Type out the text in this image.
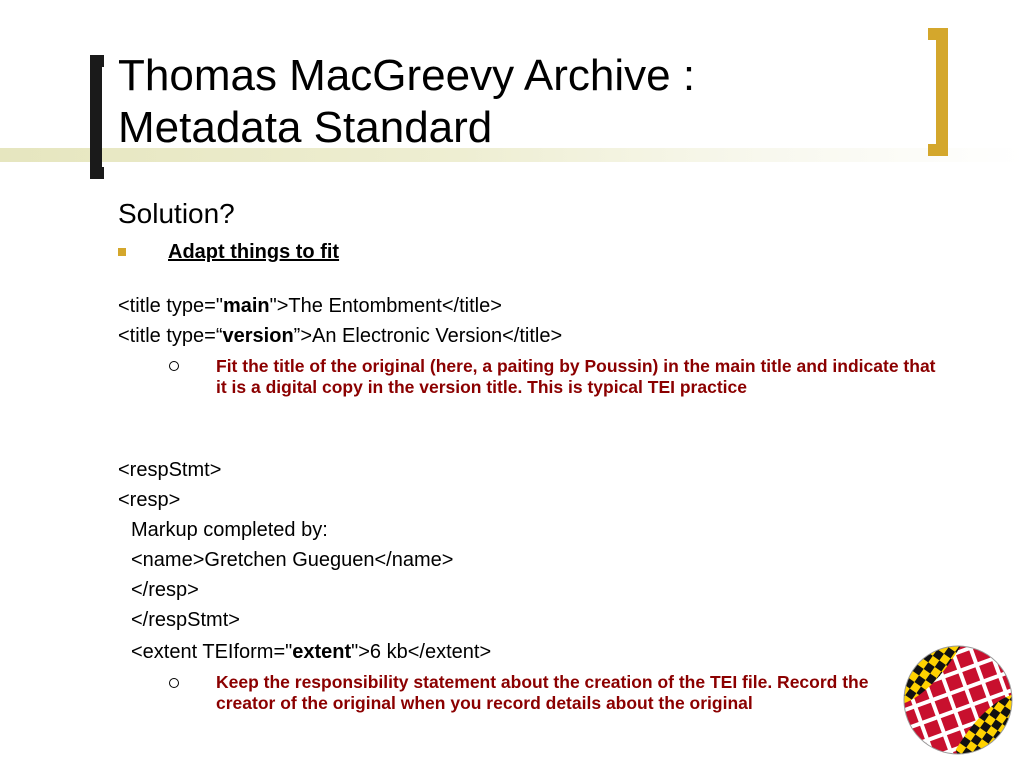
Thomas MacGreevy Archive :
Metadata Standard
Solution?
Adapt things to fit
<title type="main">The Entombment</title>
<title type=“version”>An Electronic Version</title>
Fit the title of the original (here, a paiting by Poussin) in the main title and indicate that it is a digital copy in the version title. This is typical TEI practice
<respStmt>
<resp>
Markup completed by:
<name>Gretchen Gueguen</name>
</resp>
</respStmt>
<extent TEIform="extent">6 kb</extent>
Keep the responsibility statement about the creation of the TEI file. Record the creator of the original when you record details about the original
